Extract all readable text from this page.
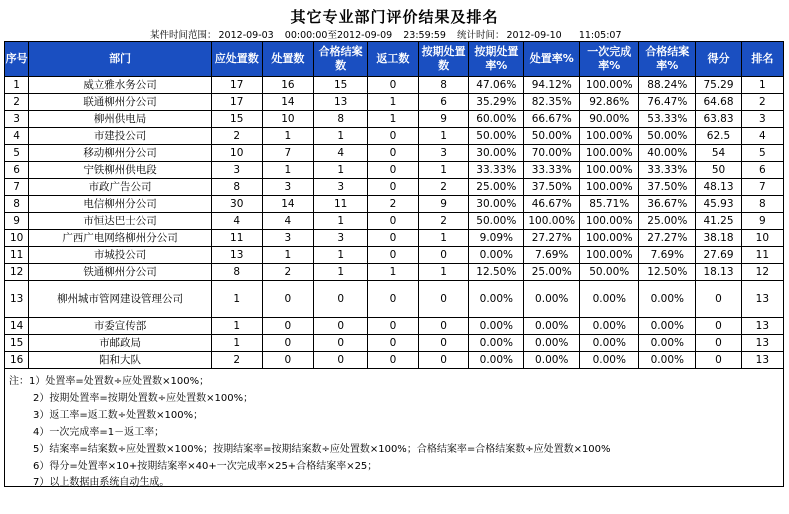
其它专业部门评价结果及排名
某件时间范围： 2012-09-03 00:00:00至2012-09-09 23:59:59 统计时间： 2012-09-10 11:05:07
序号	部门	应处置数	处置数	合格结案数	返工数	按期处置数	按期处置率%	处置率%	一次完成率%	合格结案率%	得分	排名
1	威立雅水务公司	17	16	15	0	8	47.06%	94.12%	100.00%	88.24%	75.29	1
2	联通柳州分公司	17	14	13	1	6	35.29%	82.35%	92.86%	76.47%	64.68	2
3	柳州供电局	15	10	8	1	9	60.00%	66.67%	90.00%	53.33%	63.83	3
4	市建投公司	2	1	1	0	1	50.00%	50.00%	100.00%	50.00%	62.5	4
5	移动柳州分公司	10	7	4	0	3	30.00%	70.00%	100.00%	40.00%	54	5
6	宁铁柳州供电段	3	1	1	0	1	33.33%	33.33%	100.00%	33.33%	50	6
7	市政广告公司	8	3	3	0	2	25.00%	37.50%	100.00%	37.50%	48.13	7
8	电信柳州分公司	30	14	11	2	9	30.00%	46.67%	85.71%	36.67%	45.93	8
9	市恒达巴士公司	4	4	1	0	2	50.00%	100.00%	100.00%	25.00%	41.25	9
10	广西广电网络柳州分公司	11	3	3	0	1	9.09%	27.27%	100.00%	27.27%	38.18	10
11	市城投公司	13	1	1	0	0	0.00%	7.69%	100.00%	7.69%	27.69	11
12	铁通柳州分公司	8	2	1	1	1	12.50%	25.00%	50.00%	12.50%	18.13	12
13	柳州城市管网建设管理公司	1	0	0	0	0	0.00%	0.00%	0.00%	0.00%	0	13
14	市委宣传部	1	0	0	0	0	0.00%	0.00%	0.00%	0.00%	0	13
15	市邮政局	1	0	0	0	0	0.00%	0.00%	0.00%	0.00%	0	13
16	阳和大队	2	0	0	0	0	0.00%	0.00%	0.00%	0.00%	0	13
注：1）处置率=处置数÷应处置数×100%；
2）按期处置率=按期处置数÷应处置数×100%；
3）返工率=返工数÷处置数×100%；
4）一次完成率=1－返工率；
5）结案率=结案数÷应处置数×100%；按期结案率=按期结案数÷应处置数×100%；合格结案率=合格结案数÷应处置数×100%
6）得分=处置率×10+按期结案率×40+一次完成率×25+合格结案率×25；
7）以上数据由系统自动生成。
